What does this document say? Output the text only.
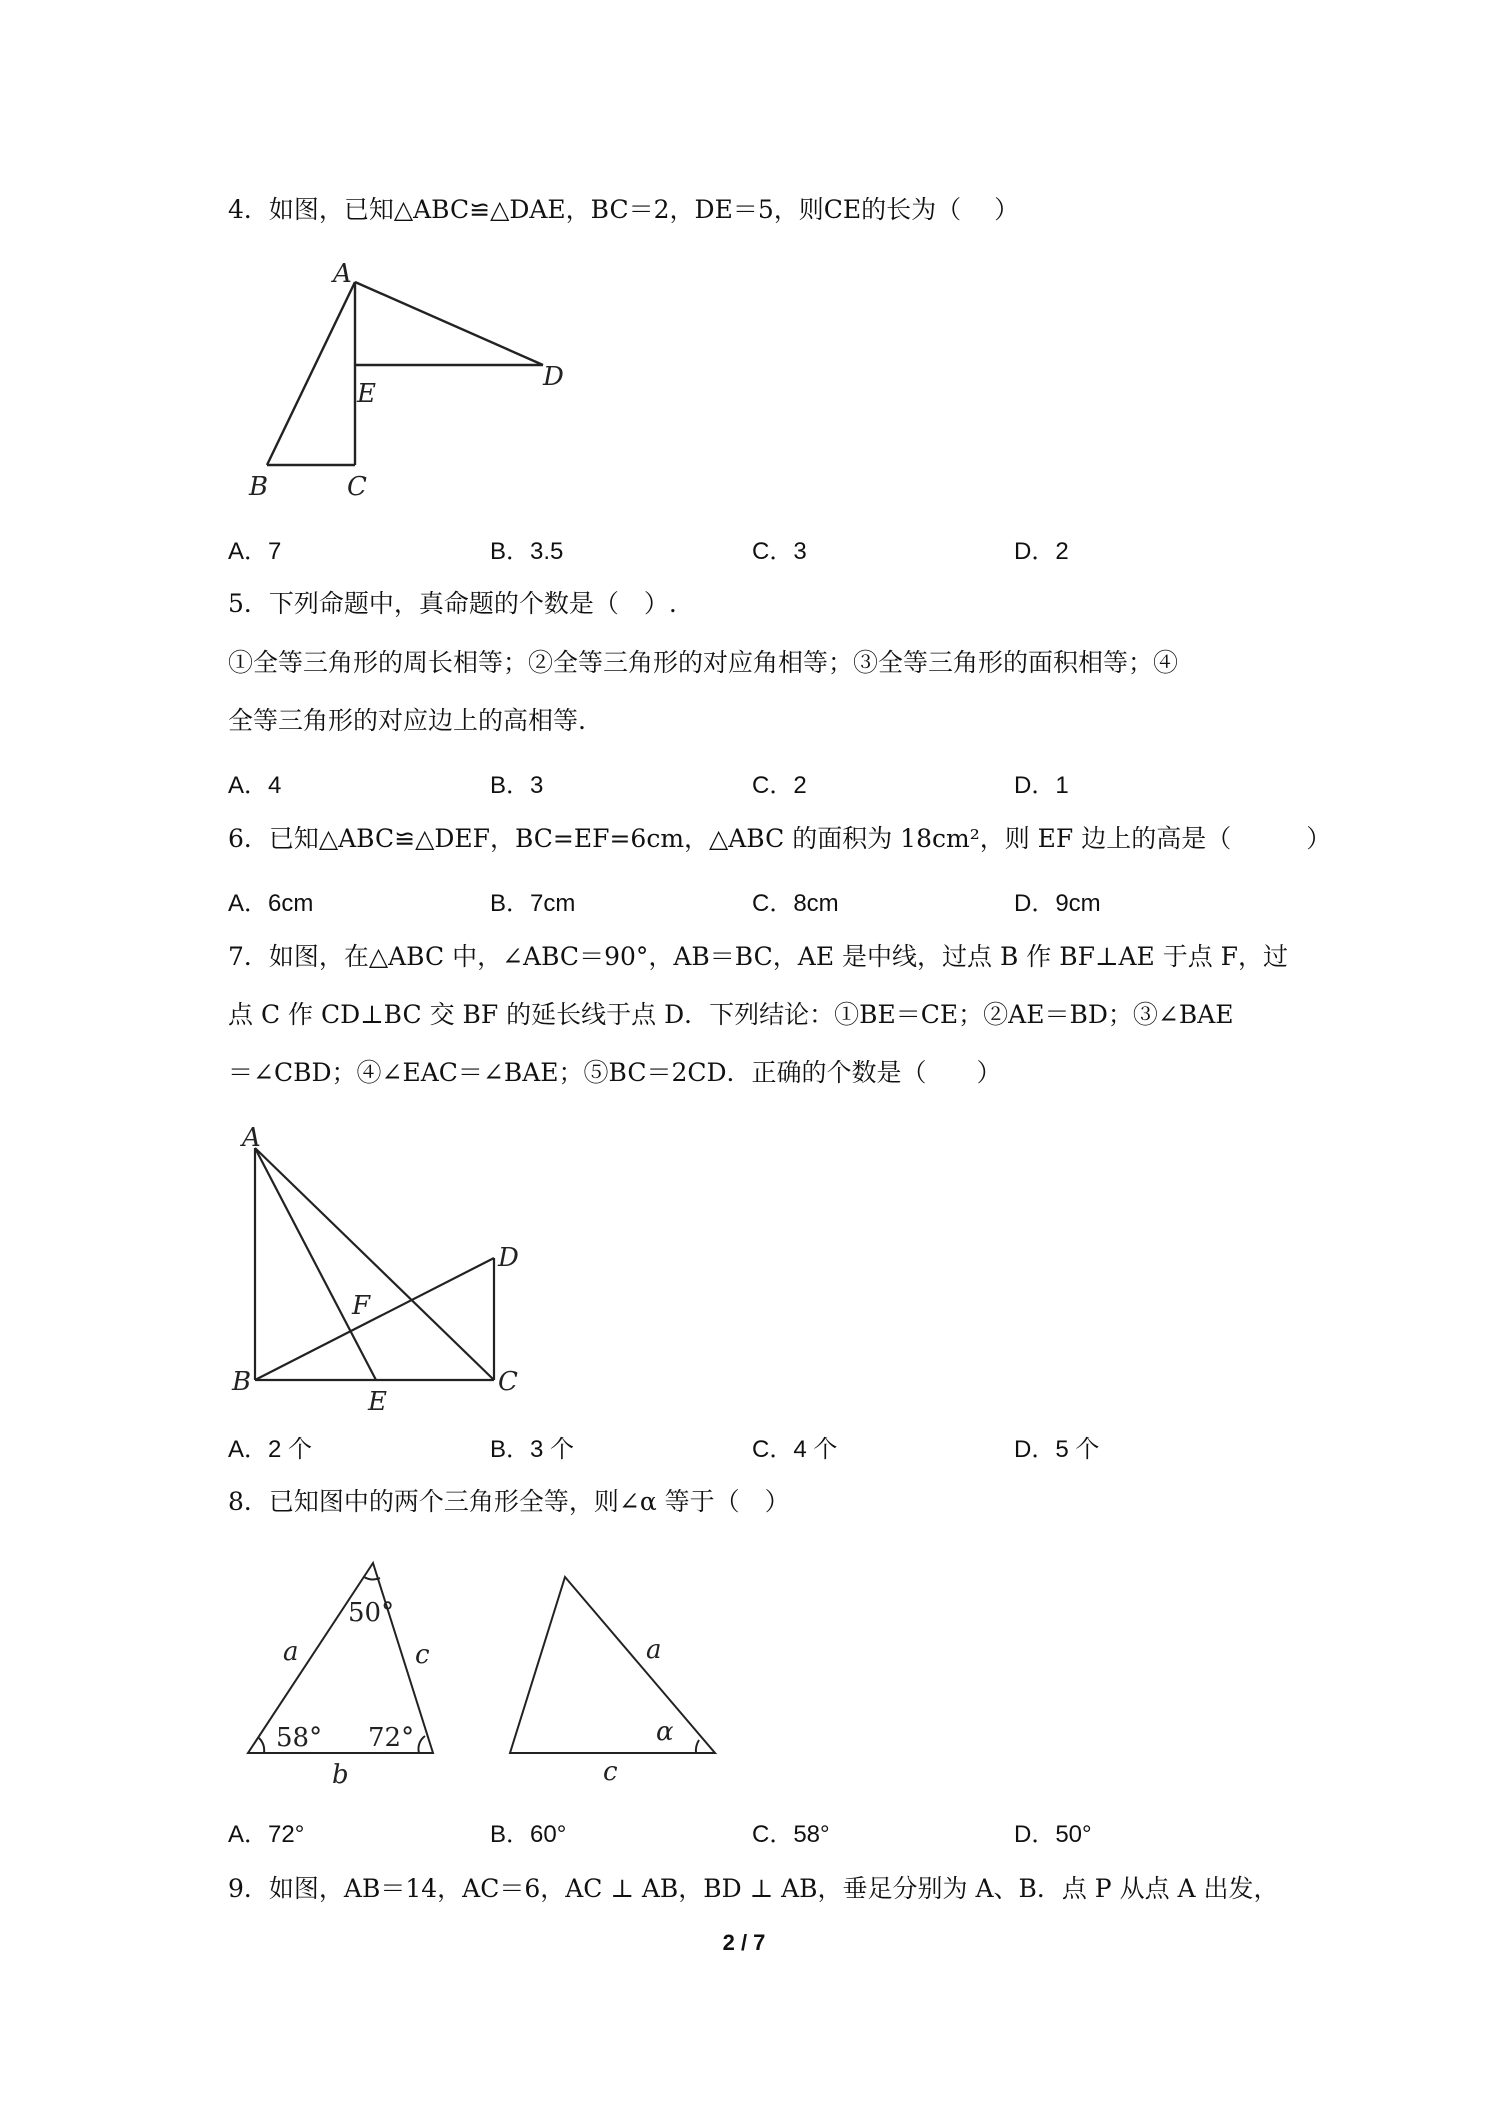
4．如图，已知△ABC≌△DAE，BC＝2，DE＝5，则CE的长为（　 ）
A
E
D
B	C
A．7	B．3.5	C．3	D．2
5．下列命题中，真命题的个数是（　）.
①全等三角形的周长相等；②全等三角形的对应角相等；③全等三角形的面积相等；④
全等三角形的对应边上的高相等.
A．4	B．3	C．2	D．1
6．已知△ABC≌△DEF，BC=EF=6cm，△ABC 的面积为 18cm²，则 EF 边上的高是（　　　）
A．6cm	B．7cm	C．8cm	D．9cm
7．如图，在△ABC 中，∠ABC＝90°，AB＝BC，AE 是中线，过点 B 作 BF⊥AE 于点 F，过
点 C 作 CD⊥BC 交 BF 的延长线于点 D．下列结论：①BE＝CE；②AE＝BD；③∠BAE
＝∠CBD；④∠EAC＝∠BAE；⑤BC＝2CD．正确的个数是（　　）
A
D
F
B
E
C
A．2 个	B．3 个	C．4 个	D．5 个
8．已知图中的两个三角形全等，则∠α 等于（　）
50°
a	c
58° 72°
b
a
α
c
A．72°	B．60°	C．58°	D．50°
9．如图，AB＝14，AC＝6，AC ⊥ AB，BD ⊥ AB，垂足分别为 A、B．点 P 从点 A 出发，
2 / 7
